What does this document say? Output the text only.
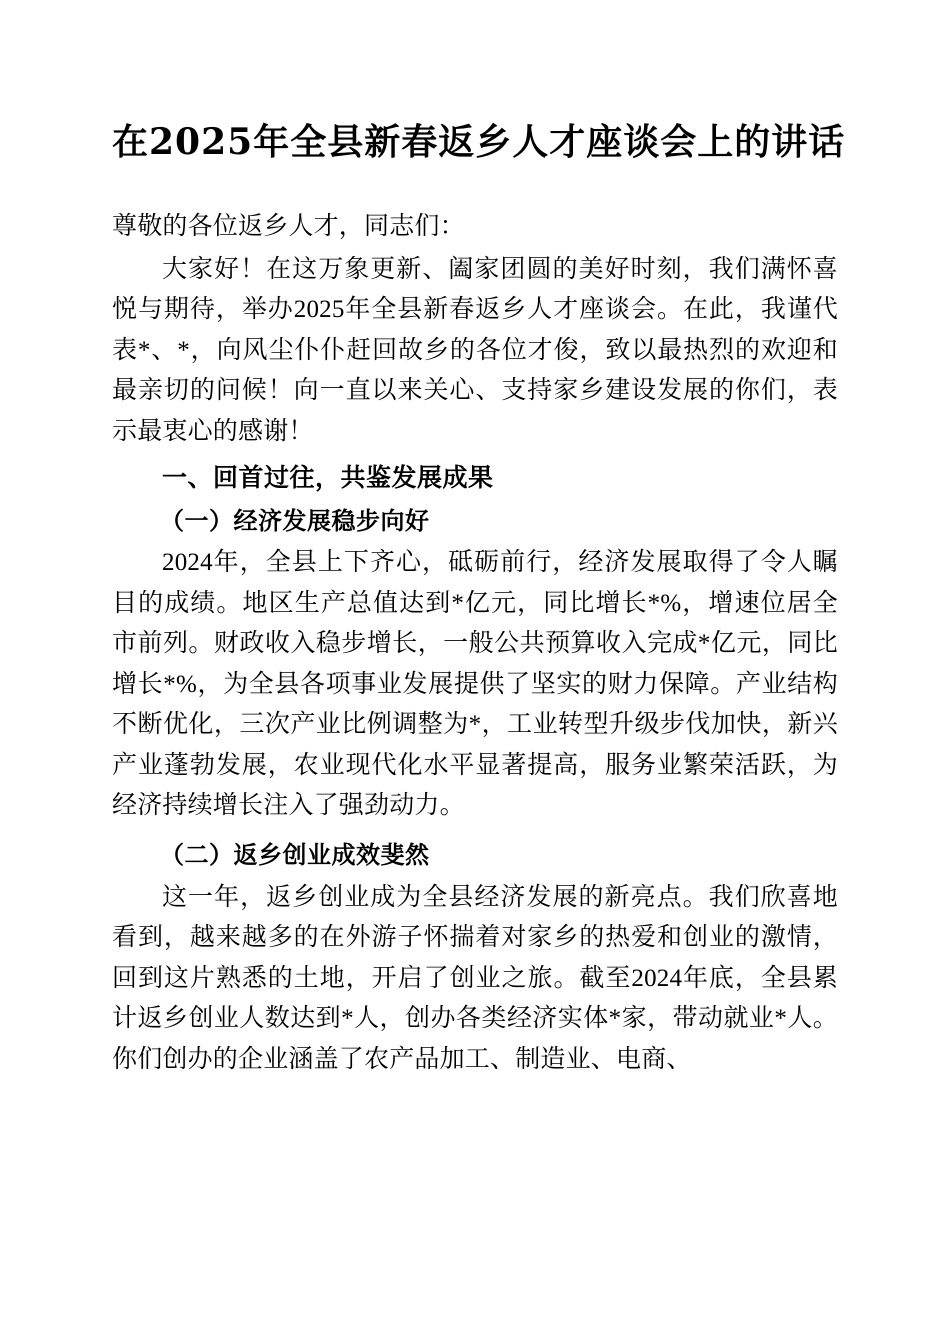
在2025年全县新春返乡人才座谈会上的讲话

尊敬的各位返乡人才，同志们：

大家好！在这万象更新、阖家团圆的美好时刻，我们满怀喜悦与期待，举办2025年全县新春返乡人才座谈会。在此，我谨代表*、*，向风尘仆仆赶回故乡的各位才俊，致以最热烈的欢迎和最亲切的问候！向一直以来关心、支持家乡建设发展的你们，表示最衷心的感谢！

一、回首过往，共鉴发展成果
（一）经济发展稳步向好

2024年，全县上下齐心，砥砺前行，经济发展取得了令人瞩目的成绩。地区生产总值达到*亿元，同比增长*%，增速位居全市前列。财政收入稳步增长，一般公共预算收入完成*亿元，同比增长*%，为全县各项事业发展提供了坚实的财力保障。产业结构不断优化，三次产业比例调整为*，工业转型升级步伐加快，新兴产业蓬勃发展，农业现代化水平显著提高，服务业繁荣活跃，为经济持续增长注入了强劲动力。

（二）返乡创业成效斐然

这一年，返乡创业成为全县经济发展的新亮点。我们欣喜地看到，越来越多的在外游子怀揣着对家乡的热爱和创业的激情，回到这片熟悉的土地，开启了创业之旅。截至2024年底，全县累计返乡创业人数达到*人，创办各类经济实体*家，带动就业*人。你们创办的企业涵盖了农产品加工、制造业、电商、
